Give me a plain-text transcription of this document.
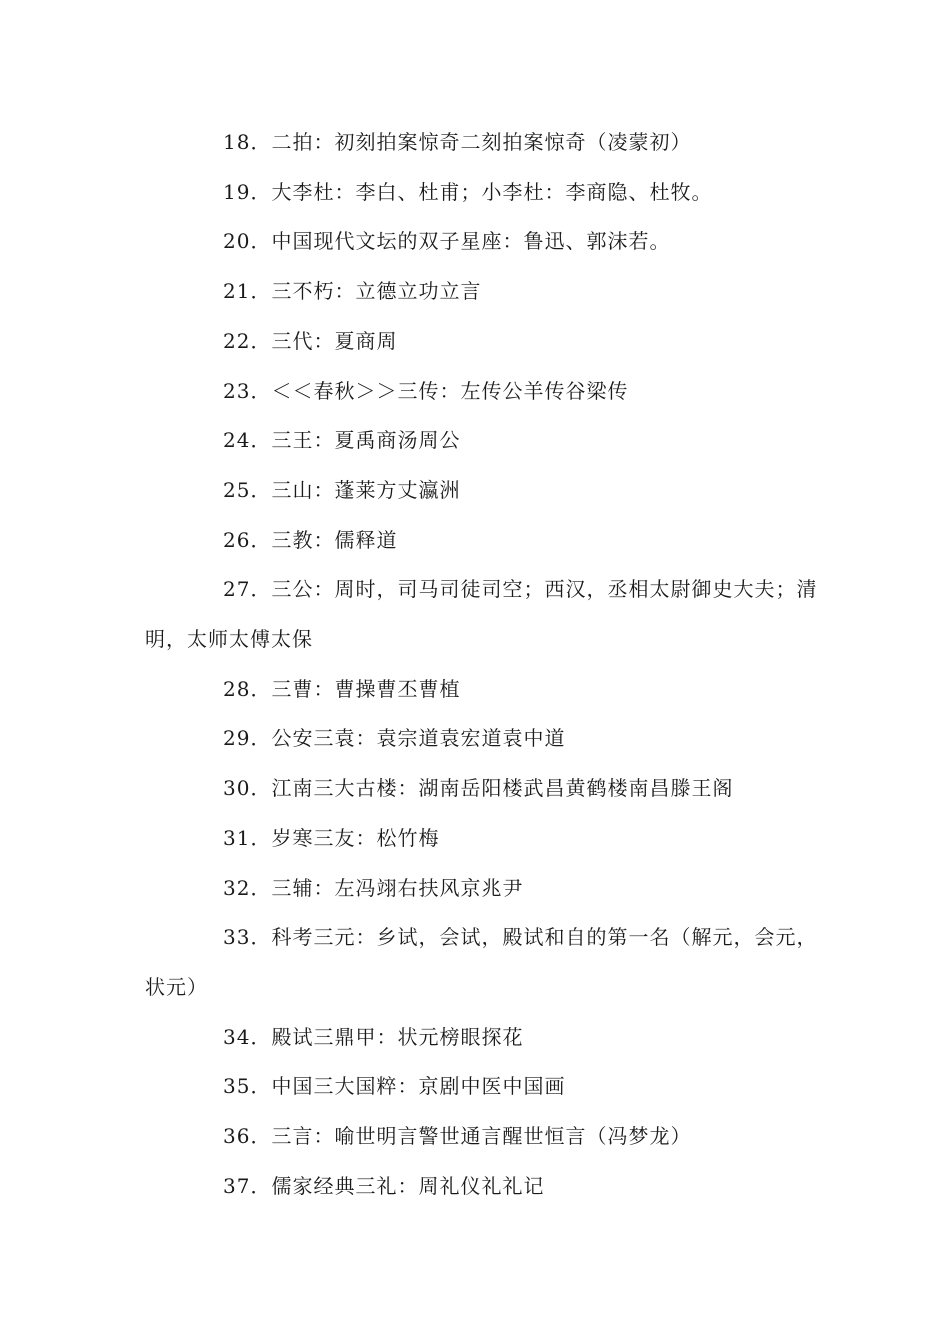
18．二拍：初刻拍案惊奇二刻拍案惊奇（凌蒙初）

19．大李杜：李白、杜甫；小李杜：李商隐、杜牧。

20．中国现代文坛的双子星座：鲁迅、郭沫若。

21．三不朽：立德立功立言

22．三代：夏商周

23．＜＜春秋＞＞三传：左传公羊传谷梁传

24．三王：夏禹商汤周公

25．三山：蓬莱方丈瀛洲

26．三教：儒释道

27．三公：周时，司马司徒司空；西汉，丞相太尉御史大夫；清明，太师太傅太保

28．三曹：曹操曹丕曹植

29．公安三袁：袁宗道袁宏道袁中道

30．江南三大古楼：湖南岳阳楼武昌黄鹤楼南昌滕王阁

31．岁寒三友：松竹梅

32．三辅：左冯翊右扶风京兆尹

33．科考三元：乡试，会试，殿试和自的第一名（解元，会元，状元）

34．殿试三鼎甲：状元榜眼探花

35．中国三大国粹：京剧中医中国画

36．三言：喻世明言警世通言醒世恒言（冯梦龙）

37．儒家经典三礼：周礼仪礼礼记
